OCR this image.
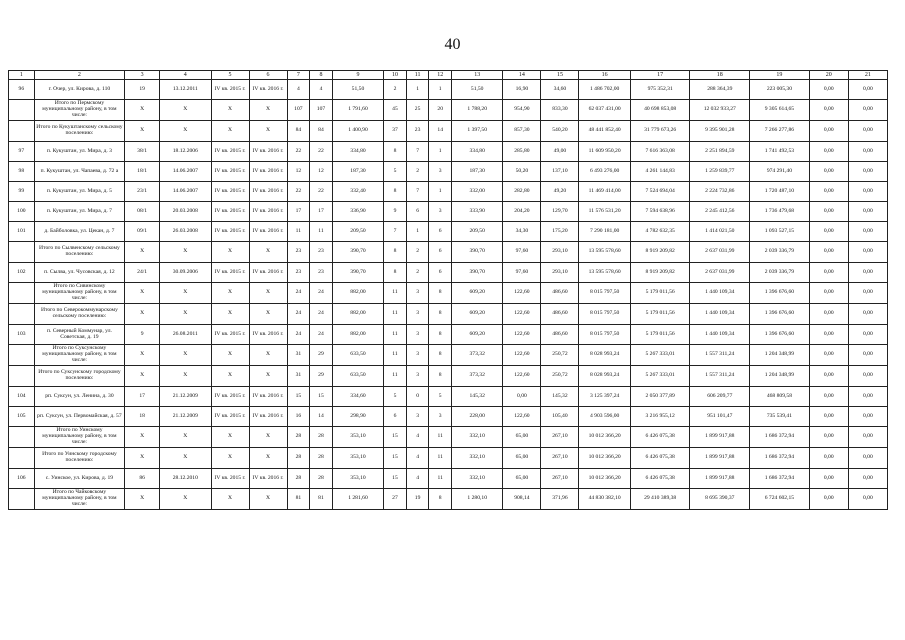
40
1	2	3	4	5	6	7	8	9	10	11	12	13	14	15	16	17	18	19	20	21
96	г. Очер, ул. Кирова, д. 110	19	13.12.2011	IV кв. 2015 г.	IV кв. 2016 г.	4	4	51,50	2	1	1	51,50	16,90	34,60	1 486 702,00	975 352,31	288 364,39	223 005,30	0,00	0,00
	Итого по Пермскому муниципальному району, в том числе:	X	X	X	X	107	107	1 791,60	45	25	20	1 788,20	954,90	833,30	62 037 431,00	40 698 853,08	12 032 933,27	9 305 614,65	0,00	0,00
	Итого по Кукуштанскому сельскому поселению:	X	X	X	X	84	84	1 400,90	37	23	14	1 397,50	857,30	540,20	48 441 852,40	31 779 673,26	9 395 901,28	7 266 277,86	0,00	0,00
97	п. Кукуштан, ул. Мира, д. 3	38/1	18.12.2006	IV кв. 2015 г.	IV кв. 2016 г.	22	22	334,80	8	7	1	334,80	285,80	49,00	11 609 950,20	7 616 363,08	2 251 894,59	1 741 492,53	0,00	0,00
98	п. Кукуштан, ул. Чапаева, д. 72 а	18/1	14.06.2007	IV кв. 2015 г.	IV кв. 2016 г.	12	12	187,30	5	2	3	187,30	50,20	137,10	6 493 276,00	4 261 144,83	1 259 839,77	974 291,40	0,00	0,00
99	п. Кукуштан, ул. Мира, д. 5	23/1	14.06.2007	IV кв. 2015 г.	IV кв. 2016 г.	22	22	332,40	8	7	1	332,00	282,80	49,20	11 469 414,00	7 524 694,04	2 224 732,86	1 720 487,10	0,00	0,00
100	п. Кукуштан, ул. Мира, д. 7	08/1	20.03.2008	IV кв. 2015 г.	IV кв. 2016 г.	17	17	336,90	9	6	3	333,90	204,20	129,70	11 576 531,20	7 594 638,96	2 245 412,56	1 736 479,68	0,00	0,00
101	д. Байболовка, ул. Цекан, д. 7	09/1	26.03.2008	IV кв. 2015 г.	IV кв. 2016 г.	11	11	209,50	7	1	6	209,50	34,30	175,20	7 290 181,00	4 782 632,35	1 414 021,50	1 093 527,15	0,00	0,00
	Итого по Сылвенскому сельскому поселению:	X	X	X	X	23	23	390,70	8	2	6	390,70	97,60	293,10	13 595 578,60	8 919 209,82	2 637 031,99	2 039 336,79	0,00	0,00
102	п. Сылва, ул. Чусовская, д. 12	24/1	30.09.2006	IV кв. 2015 г.	IV кв. 2016 г.	23	23	390,70	8	2	6	390,70	97,60	293,10	13 595 578,60	8 919 209,82	2 637 031,99	2 039 336,79	0,00	0,00
	Итого по Сивинскому муниципальному району, в том числе:	X	X	X	X	24	24	882,00	11	3	8	609,20	122,60	486,60	8 015 797,50	5 179 011,56	1 440 109,34	1 396 676,60	0,00	0,00
	Итого по Северокоммунарскому сельскому поселению:	X	X	X	X	24	24	882,00	11	3	8	609,20	122,60	486,60	8 015 797,50	5 179 011,56	1 440 109,34	1 396 676,60	0,00	0,00
103	п. Северный Коммунар, ул. Советская, д. 19	9	26.08.2011	IV кв. 2015 г.	IV кв. 2016 г.	24	24	882,00	11	3	8	609,20	122,60	486,60	8 015 797,50	5 179 011,56	1 440 109,34	1 396 676,60	0,00	0,00
	Итого по Суксунскому муниципальному району, в том числе:	X	X	X	X	31	29	633,50	11	3	8	373,32	122,60	250,72	8 028 993,24	5 267 333,01	1 557 311,24	1 204 348,99	0,00	0,00
	Итого по Суксунскому городскому поселению:	X	X	X	X	31	29	633,50	11	3	8	373,32	122,60	250,72	8 028 993,24	5 267 333,01	1 557 311,24	1 204 348,99	0,00	0,00
104	рп. Суксун, ул. Ленина, д. 30	17	21.12.2009	IV кв. 2015 г.	IV кв. 2016 г.	15	15	334,60	5	0	5	145,32	0,00	145,32	3 125 397,24	2 050 377,89	606 209,77	468 809,58	0,00	0,00
105	рп. Суксун, ул. Первомайская, д. 57	18	21.12.2009	IV кв. 2015 г.	IV кв. 2016 г.	16	14	298,90	6	3	3	228,00	122,60	105,40	4 903 596,00	3 216 955,12	951 101,47	735 539,41	0,00	0,00
	Итого по Уинскому муниципальному району, в том числе:	X	X	X	X	28	28	353,10	15	4	11	332,10	65,00	267,10	10 012 366,20	6 426 075,38	1 899 917,88	1 686 372,94	0,00	0,00
	Итого по Уинскому городскому поселению:	X	X	X	X	28	28	353,10	15	4	11	332,10	65,00	267,10	10 012 366,20	6 426 075,38	1 899 917,88	1 686 372,94	0,00	0,00
106	с. Уинское, ул. Кирова, д. 19	86	28.12.2010	IV кв. 2015 г.	IV кв. 2016 г.	28	28	353,10	15	4	11	332,10	65,00	267,10	10 012 366,20	6 426 075,38	1 899 917,88	1 686 372,94	0,00	0,00
	Итого по Чайковскому муниципальному району, в том числе:	X	X	X	X	81	81	1 281,60	27	19	8	1 280,10	908,14	371,96	44 830 382,10	29 410 389,38	8 695 390,37	6 724 602,15	0,00	0,00
